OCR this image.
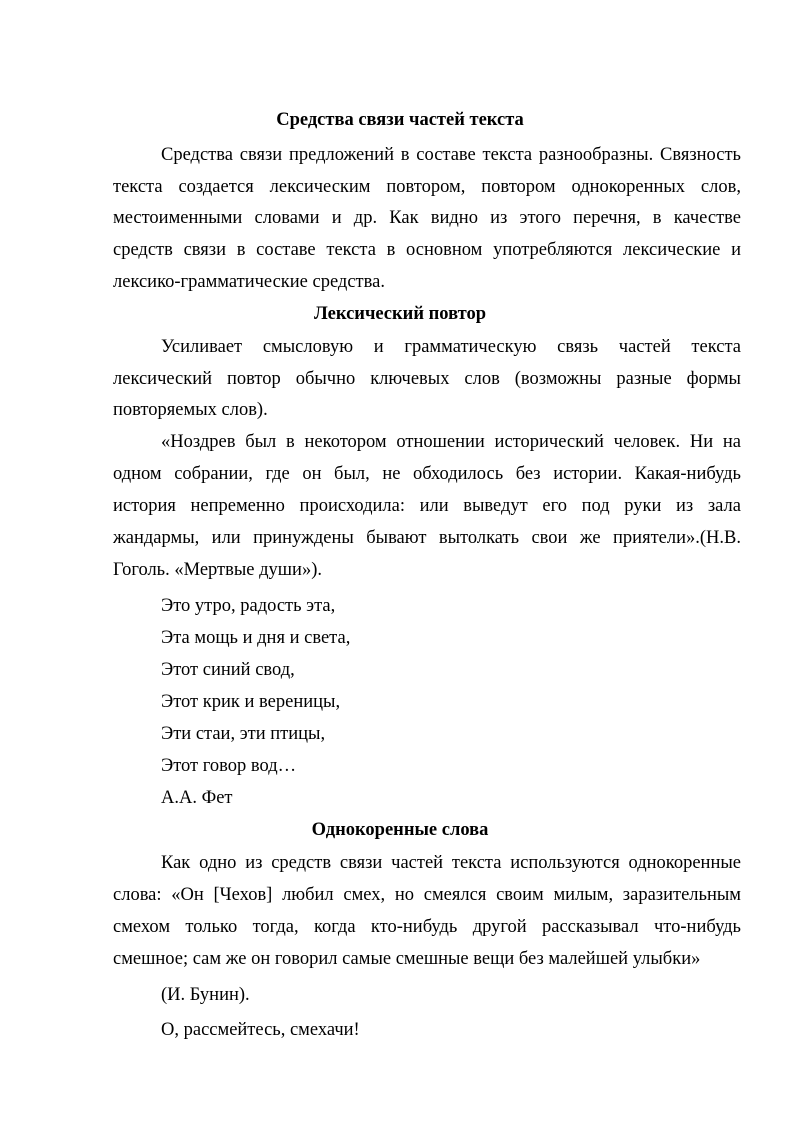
Средства связи частей текста
Средства связи предложений в составе текста разнообразны. Связность
текста создается лексическим повтором, повтором однокоренных слов,
местоименными словами и др. Как видно из этого перечня, в качестве
средств связи в составе текста в основном употребляются лексические и
лексико-грамматические средства.
Лексический повтор
Усиливает смысловую и грамматическую связь частей текста
лексический повтор обычно ключевых слов (возможны разные формы
повторяемых слов).
«Ноздрев был в некотором отношении исторический человек. Ни на
одном собрании, где он был, не обходилось без истории. Какая-нибудь
история непременно происходила: или выведут его под руки из зала
жандармы, или принуждены бывают вытолкать свои же приятели».(Н.В.
Гоголь. «Мертвые души»).
Это утро, радость эта,
Эта мощь и дня и света,
Этот синий свод,
Этот крик и вереницы,
Эти стаи, эти птицы,
Этот говор вод…
А.А. Фет
Однокоренные слова
Как одно из средств связи частей текста используются однокоренные
слова: «Он [Чехов] любил смех, но смеялся своим милым, заразительным
смехом только тогда, когда кто-нибудь другой рассказывал что-нибудь
смешное; сам же он говорил самые смешные вещи без малейшей улыбки»
(И. Бунин).
О, рассмейтесь, смехачи!
